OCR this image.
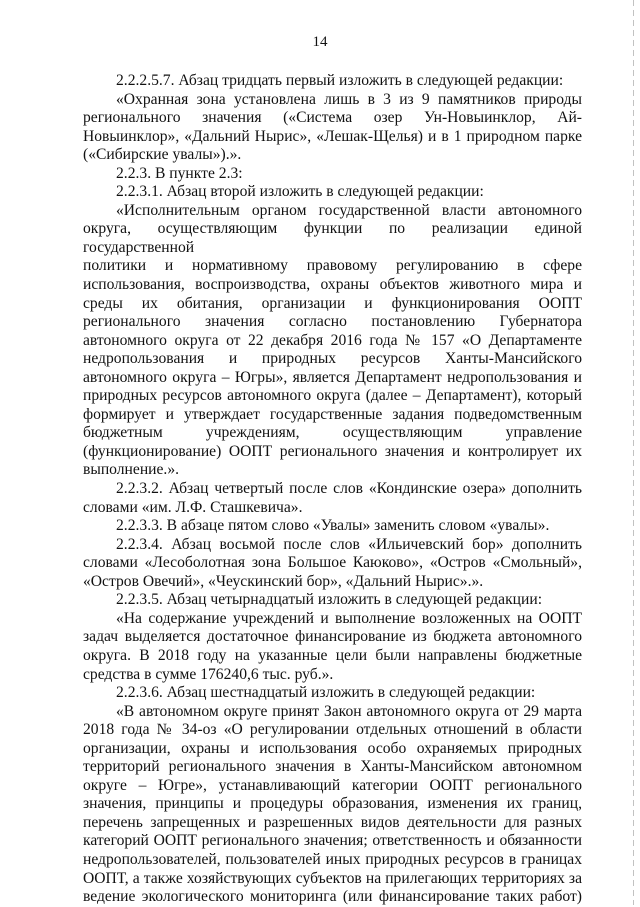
14
2.2.2.5.7. Абзац тридцать первый изложить в следующей редакции:
«Охранная зона установлена лишь в 3 из 9 памятников природы
регионального значения («Система озер Ун-Новыинклор, Ай-
Новыинклор», «Дальний Нырис», «Лешак-Щелья) и в 1 природном парке
(«Сибирские увалы»).».
2.2.3. В пункте 2.3:
2.2.3.1. Абзац второй изложить в следующей редакции:
«Исполнительным органом государственной власти автономного
округа, осуществляющим функции по реализации единой государственной
политики и нормативному правовому регулированию в сфере
использования, воспроизводства, охраны объектов животного мира и
среды их обитания, организации и функционирования ООПТ
регионального значения согласно постановлению Губернатора
автономного округа от 22 декабря 2016 года № 157 «О Департаменте
недропользования и природных ресурсов Ханты-Мансийского
автономного округа – Югры», является Департамент недропользования и
природных ресурсов автономного округа (далее – Департамент), который
формирует и утверждает государственные задания подведомственным
бюджетным учреждениям, осуществляющим управление
(функционирование) ООПТ регионального значения и контролирует их
выполнение.».
2.2.3.2. Абзац четвертый после слов «Кондинские озера» дополнить
словами «им. Л.Ф. Сташкевича».
2.2.3.3. В абзаце пятом слово «Увалы» заменить словом «увалы».
2.2.3.4. Абзац восьмой после слов «Ильичевский бор» дополнить
словами «Лесоболотная зона Большое Каюково», «Остров «Смольный»,
«Остров Овечий», «Чеускинский бор», «Дальний Нырис».».
2.2.3.5. Абзац четырнадцатый изложить в следующей редакции:
«На содержание учреждений и выполнение возложенных на ООПТ
задач выделяется достаточное финансирование из бюджета автономного
округа. В 2018 году на указанные цели были направлены бюджетные
средства в сумме 176240,6 тыс. руб.».
2.2.3.6. Абзац шестнадцатый изложить в следующей редакции:
«В автономном округе принят Закон автономного округа от 29 марта
2018 года № 34-оз «О регулировании отдельных отношений в области
организации, охраны и использования особо охраняемых природных
территорий регионального значения в Ханты-Мансийском автономном
округе – Югре», устанавливающий категории ООПТ регионального
значения, принципы и процедуры образования, изменения их границ,
перечень запрещенных и разрешенных видов деятельности для разных
категорий ООПТ регионального значения; ответственность и обязанности
недропользователей, пользователей иных природных ресурсов в границах
ООПТ, а также хозяйствующих субъектов на прилегающих территориях за
ведение экологического мониторинга (или финансирование таких работ)
